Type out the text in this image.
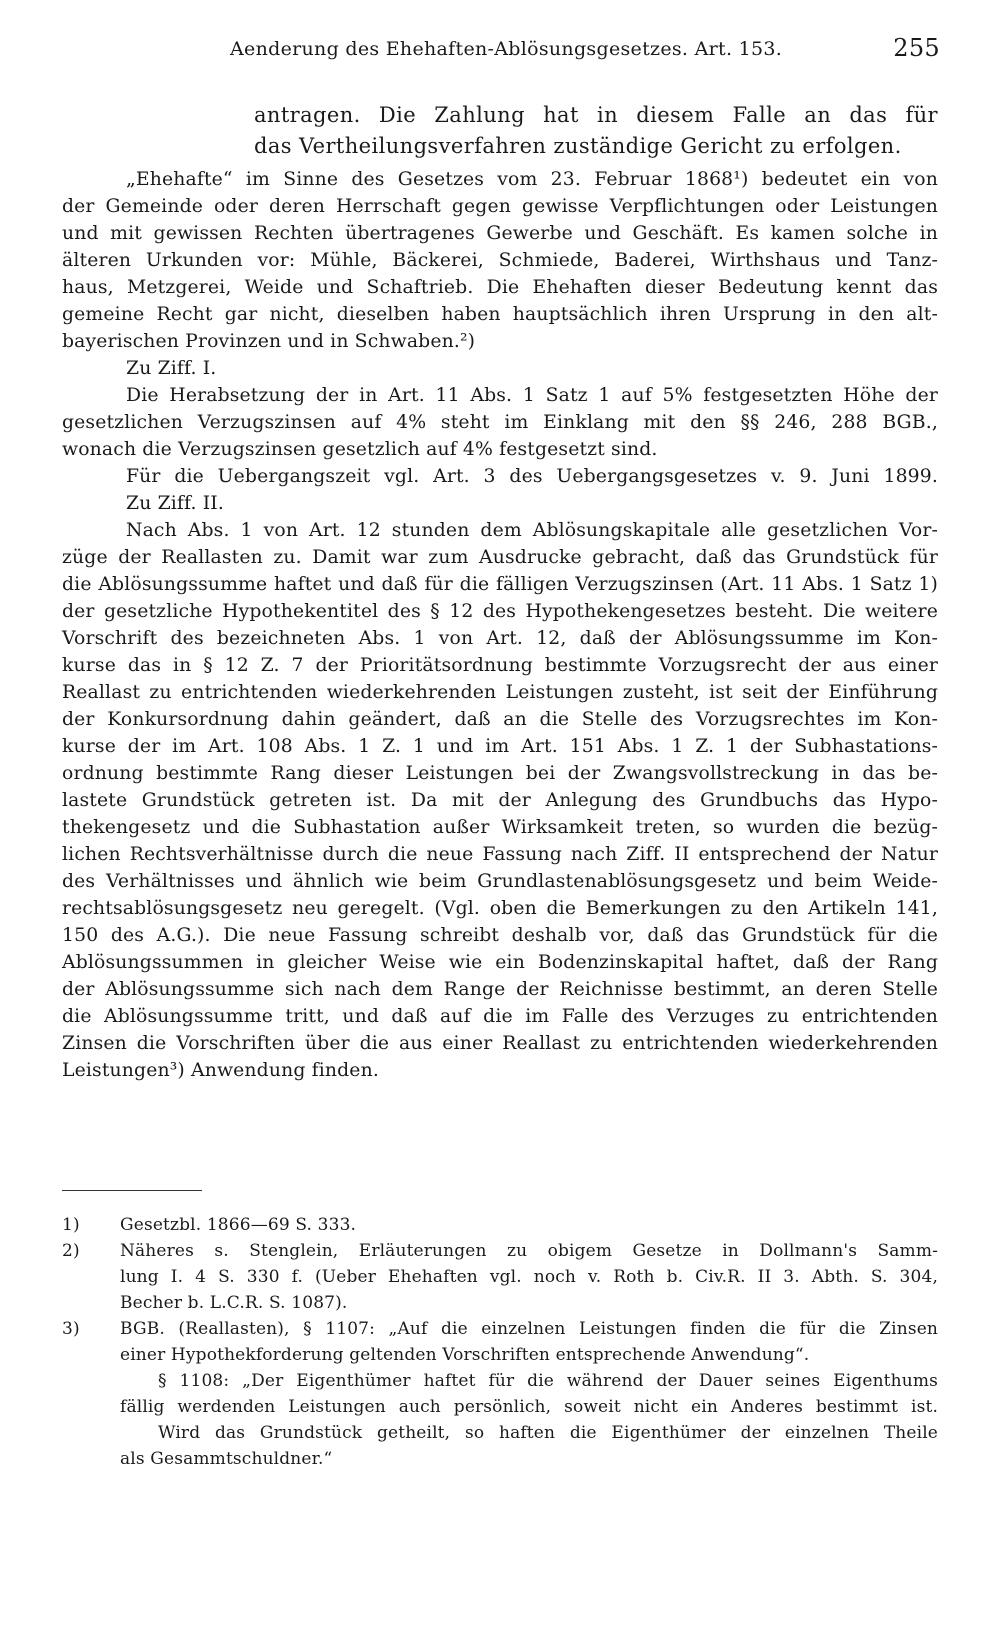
Aenderung des Ehehaften-Ablösungsgesetzes. Art. 153.	255
antragen. Die Zahlung hat in diesem Falle an das für
das Vertheilungsverfahren zuständige Gericht zu erfolgen.
„Ehehafte“ im Sinne des Gesetzes vom 23. Februar 1868¹) bedeutet ein von
der Gemeinde oder deren Herrschaft gegen gewisse Verpflichtungen oder Leistungen
und mit gewissen Rechten übertragenes Gewerbe und Geschäft. Es kamen solche in
älteren Urkunden vor: Mühle, Bäckerei, Schmiede, Baderei, Wirthshaus und Tanz-
haus, Metzgerei, Weide und Schaftrieb. Die Ehehaften dieser Bedeutung kennt das
gemeine Recht gar nicht, dieselben haben hauptsächlich ihren Ursprung in den alt-
bayerischen Provinzen und in Schwaben.²)
Zu Ziff. I.
Die Herabsetzung der in Art. 11 Abs. 1 Satz 1 auf 5% festgesetzten Höhe der
gesetzlichen Verzugszinsen auf 4% steht im Einklang mit den §§ 246, 288 BGB.,
wonach die Verzugszinsen gesetzlich auf 4% festgesetzt sind.
Für die Uebergangszeit vgl. Art. 3 des Uebergangsgesetzes v. 9. Juni 1899.
Zu Ziff. II.
Nach Abs. 1 von Art. 12 stunden dem Ablösungskapitale alle gesetzlichen Vor-
züge der Reallasten zu. Damit war zum Ausdrucke gebracht, daß das Grundstück für
die Ablösungssumme haftet und daß für die fälligen Verzugszinsen (Art. 11 Abs. 1 Satz 1)
der gesetzliche Hypothekentitel des § 12 des Hypothekengesetzes besteht. Die weitere
Vorschrift des bezeichneten Abs. 1 von Art. 12, daß der Ablösungssumme im Kon-
kurse das in § 12 Z. 7 der Prioritätsordnung bestimmte Vorzugsrecht der aus einer
Reallast zu entrichtenden wiederkehrenden Leistungen zusteht, ist seit der Einführung
der Konkursordnung dahin geändert, daß an die Stelle des Vorzugsrechtes im Kon-
kurse der im Art. 108 Abs. 1 Z. 1 und im Art. 151 Abs. 1 Z. 1 der Subhastations-
ordnung bestimmte Rang dieser Leistungen bei der Zwangsvollstreckung in das be-
lastete Grundstück getreten ist. Da mit der Anlegung des Grundbuchs das Hypo-
thekengesetz und die Subhastation außer Wirksamkeit treten, so wurden die bezüg-
lichen Rechtsverhältnisse durch die neue Fassung nach Ziff. II entsprechend der Natur
des Verhältnisses und ähnlich wie beim Grundlastenablösungsgesetz und beim Weide-
rechtsablösungsgesetz neu geregelt. (Vgl. oben die Bemerkungen zu den Artikeln 141,
150 des A.G.). Die neue Fassung schreibt deshalb vor, daß das Grundstück für die
Ablösungssummen in gleicher Weise wie ein Bodenzinskapital haftet, daß der Rang
der Ablösungssumme sich nach dem Range der Reichnisse bestimmt, an deren Stelle
die Ablösungssumme tritt, und daß auf die im Falle des Verzuges zu entrichtenden
Zinsen die Vorschriften über die aus einer Reallast zu entrichtenden wiederkehrenden
Leistungen³) Anwendung finden.
1) Gesetzbl. 1866—69 S. 333.
2) Näheres s. Stenglein, Erläuterungen zu obigem Gesetze in Dollmann's Samm-
lung I. 4 S. 330 f. (Ueber Ehehaften vgl. noch v. Roth b. Civ.R. II 3. Abth. S. 304,
Becher b. L.C.R. S. 1087).
3) BGB. (Reallasten), § 1107: „Auf die einzelnen Leistungen finden die für die Zinsen
einer Hypothekforderung geltenden Vorschriften entsprechende Anwendung“.
§ 1108: „Der Eigenthümer haftet für die während der Dauer seines Eigenthums
fällig werdenden Leistungen auch persönlich, soweit nicht ein Anderes bestimmt ist.
Wird das Grundstück getheilt, so haften die Eigenthümer der einzelnen Theile
als Gesammtschuldner.“
